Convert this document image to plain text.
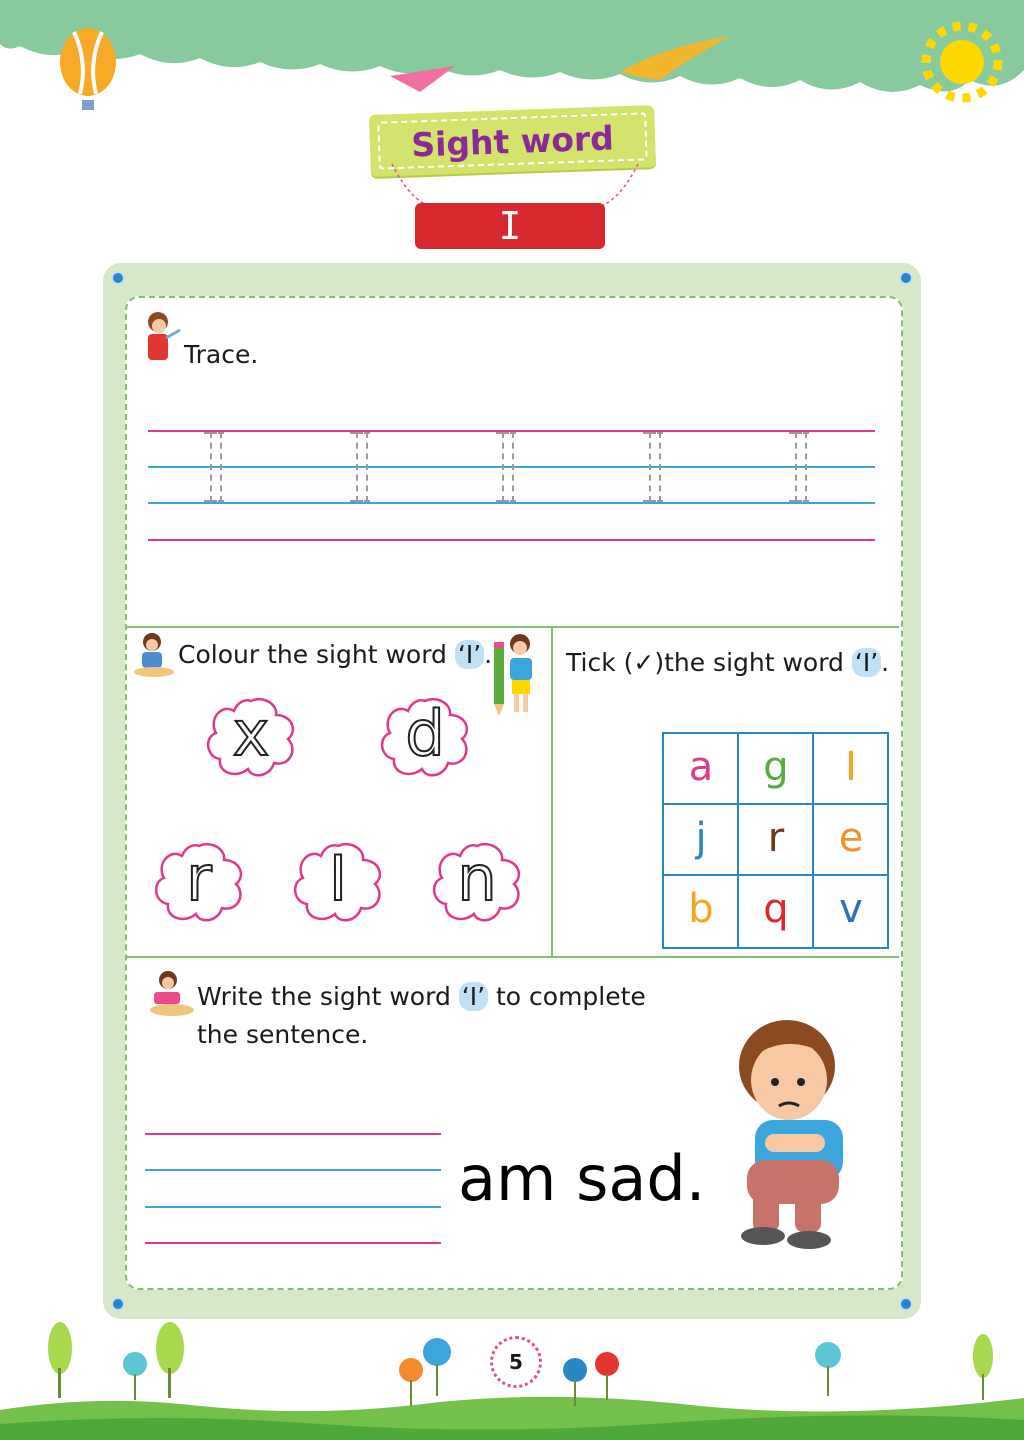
Sight word
I
Trace.
Colour the sight word ‘I’ .
x	d
r	I	n
Tick (✓)the sight word ‘I’ .
a	g	I
j	r	e
b	q	v
Write the sight word ‘I’ to complete
the sentence.
am sad.
5
